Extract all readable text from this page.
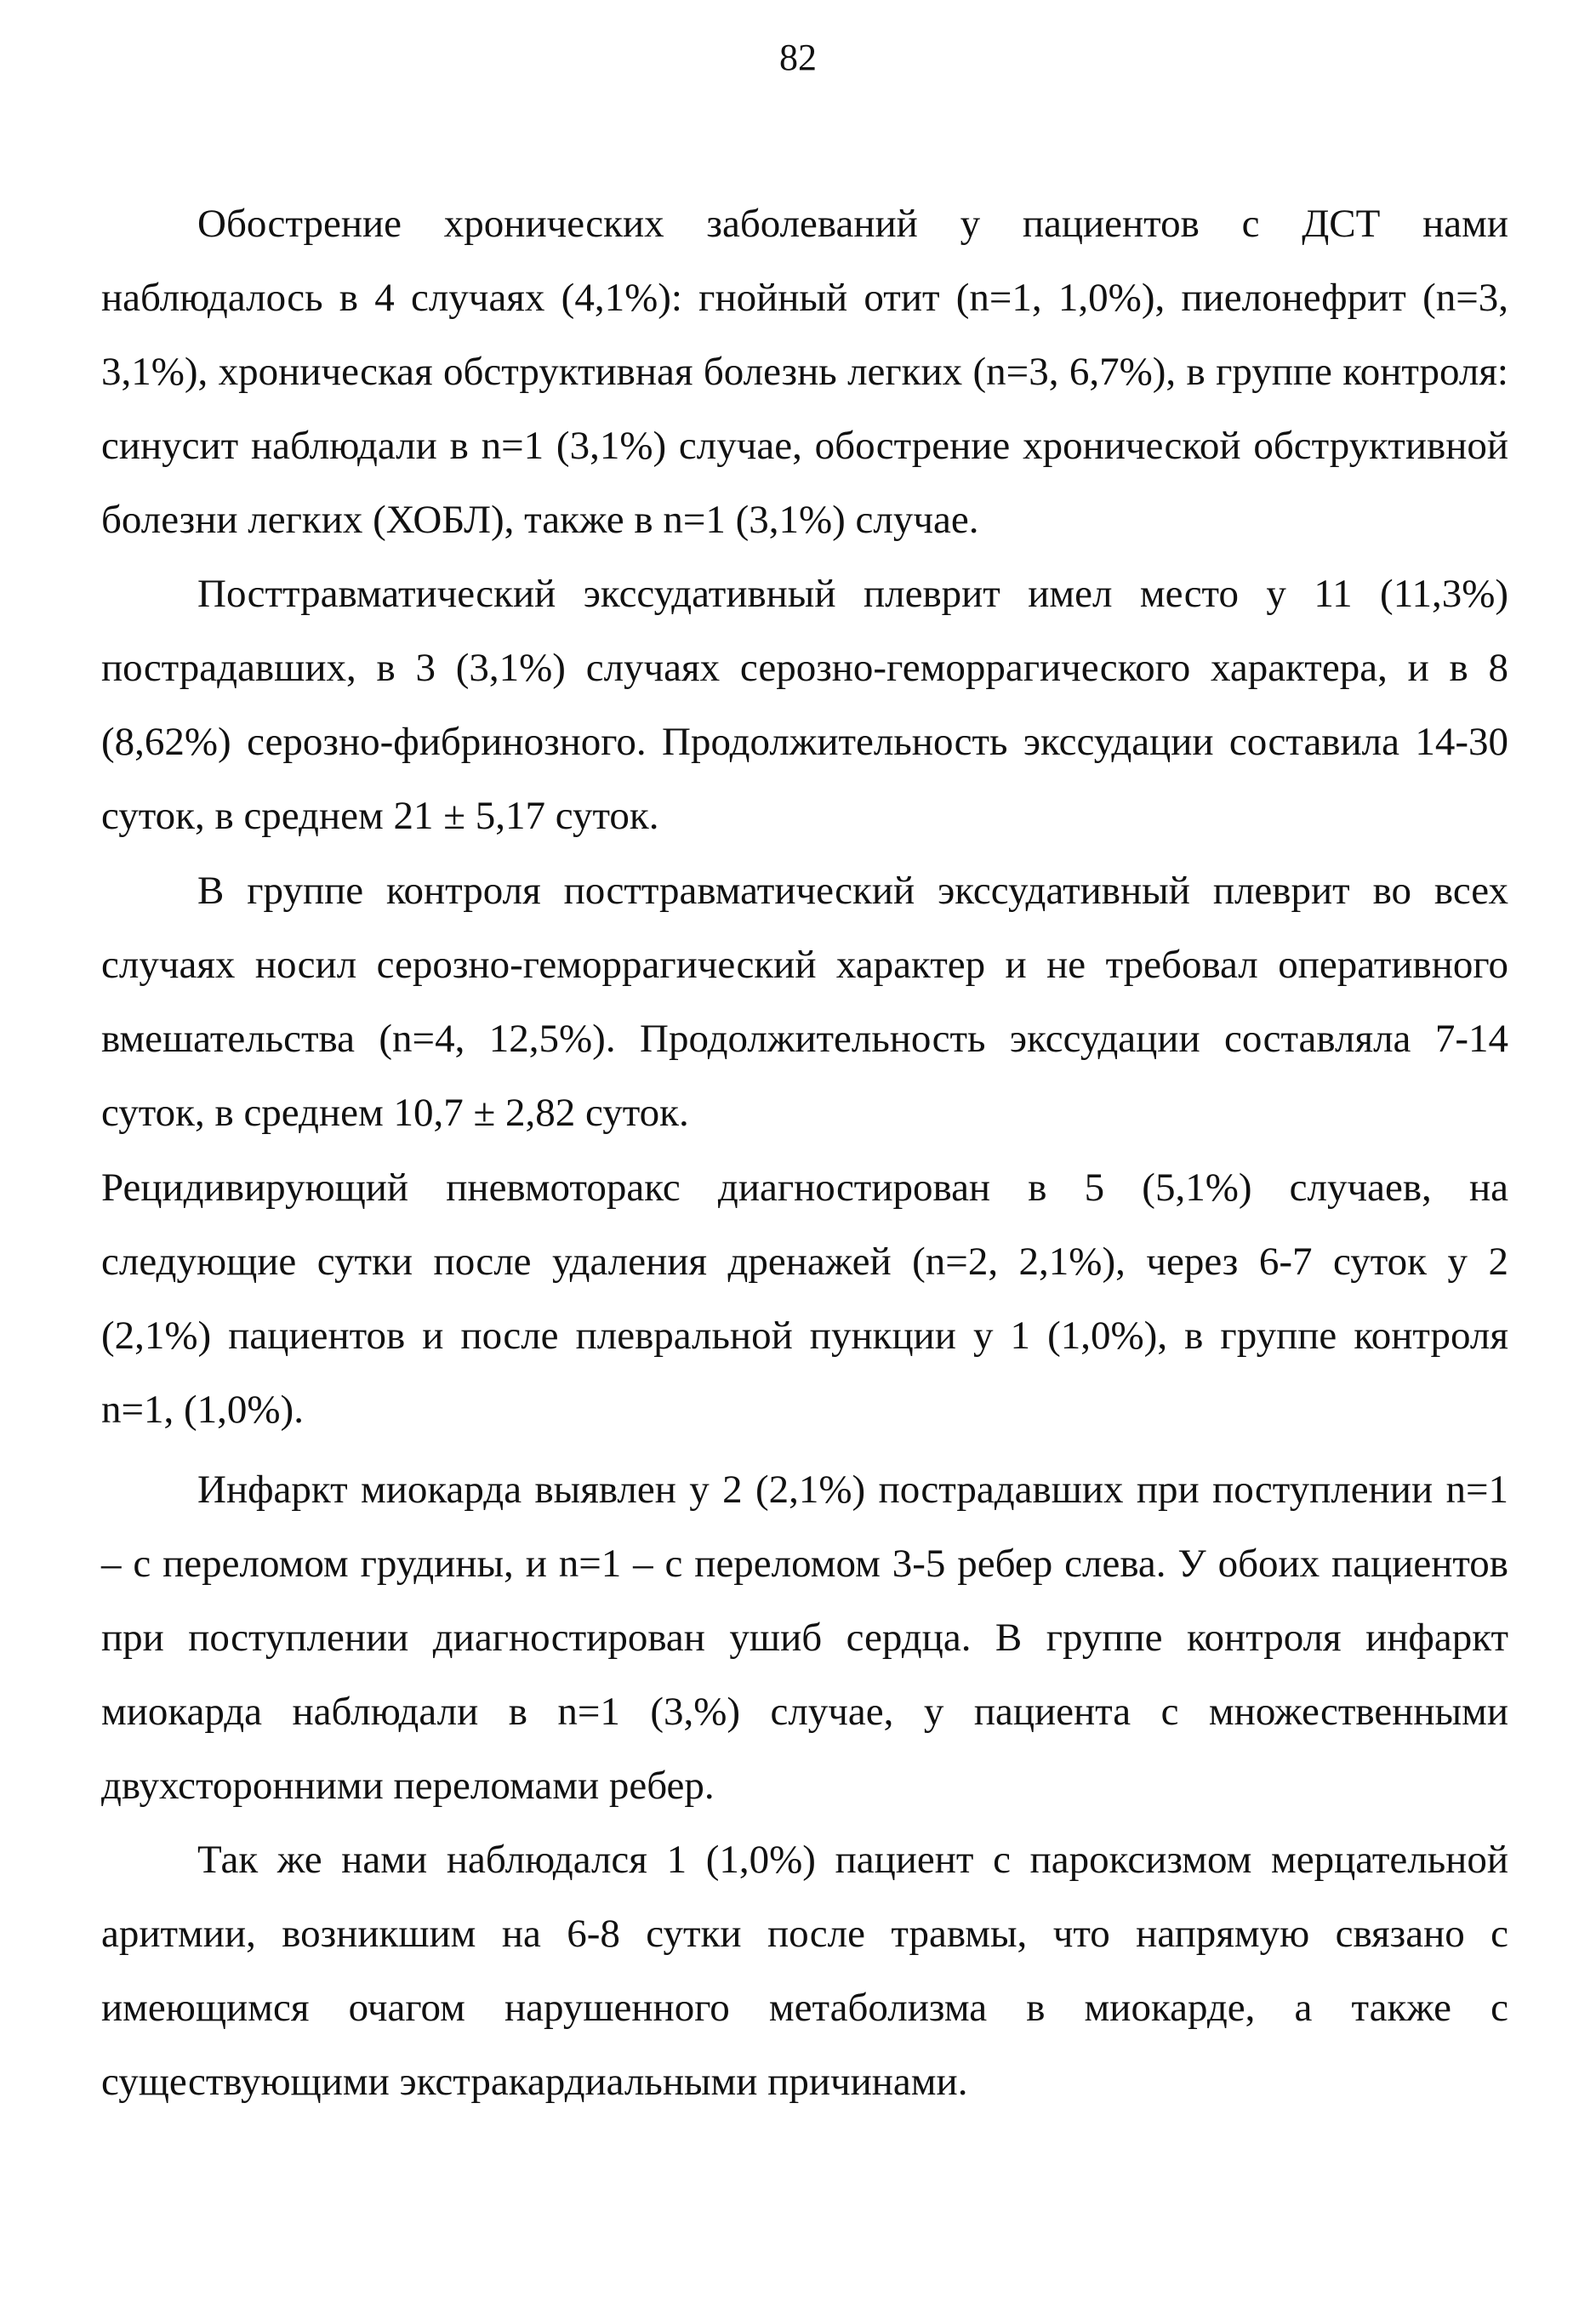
82

Обострение хронических заболеваний у пациентов с ДСТ нами наблюдалось в 4 случаях (4,1%): гнойный отит (n=1, 1,0%), пиелонефрит (n=3, 3,1%), хроническая обструктивная болезнь легких (n=3, 6,7%), в группе контроля: синусит наблюдали в n=1 (3,1%) случае, обострение хронической обструктивной болезни легких (ХОБЛ), также в n=1 (3,1%) случае.

Посттравматический экссудативный плеврит имел место у 11 (11,3%) пострадавших, в 3 (3,1%) случаях серозно-геморрагического характера, и в 8 (8,62%) серозно-фибринозного. Продолжительность экссудации составила 14-30 суток, в среднем 21 ± 5,17 суток.

В группе контроля посттравматический экссудативный плеврит во всех случаях носил серозно-геморрагический характер и не требовал оперативного вмешательства (n=4, 12,5%). Продолжительность экссудации составляла 7-14 суток, в среднем 10,7 ± 2,82 суток.

Рецидивирующий пневмоторакс диагностирован в 5 (5,1%) случаев, на следующие сутки после удаления дренажей (n=2, 2,1%), через 6-7 суток у 2 (2,1%) пациентов и после плевральной пункции у 1 (1,0%), в группе контроля n=1, (1,0%).

Инфаркт миокарда выявлен у 2 (2,1%) пострадавших при поступлении n=1 – с переломом грудины, и n=1 – с переломом 3-5 ребер слева. У обоих пациентов при поступлении диагностирован ушиб сердца. В группе контроля инфаркт миокарда наблюдали в n=1 (3,%) случае, у пациента с множественными двухсторонними переломами ребер.

Так же нами наблюдался 1 (1,0%) пациент с пароксизмом мерцательной аритмии, возникшим на 6-8 сутки после травмы, что напрямую связано с имеющимся очагом нарушенного метаболизма в миокарде, а также с существующими экстракардиальными причинами.
